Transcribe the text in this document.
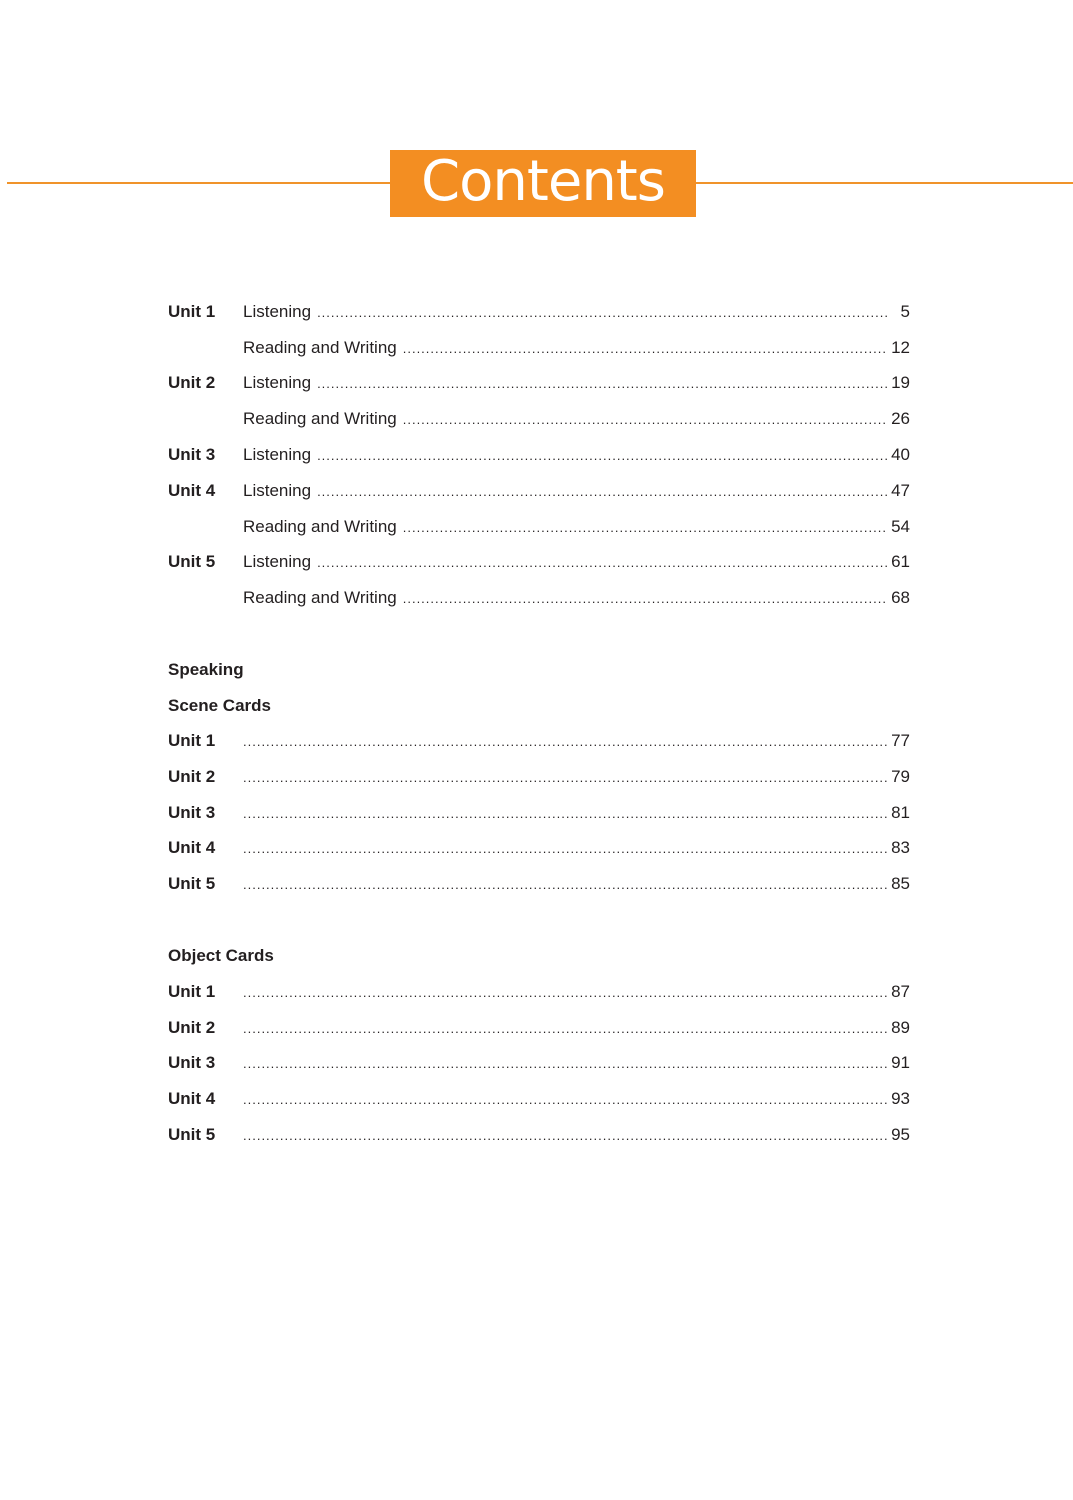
Contents
Unit 1	Listening .....	5
Reading and Writing .....	12
Unit 2	Listening .....	19
Reading and Writing .....	26
Unit 3	Listening .....	40
Unit 4	Listening .....	47
Reading and Writing .....	54
Unit 5	Listening .....	61
Reading and Writing .....	68
Speaking
Scene Cards
Unit 1 .....	77
Unit 2 .....	79
Unit 3 .....	81
Unit 4 .....	83
Unit 5 .....	85
Object Cards
Unit 1 .....	87
Unit 2 .....	89
Unit 3 .....	91
Unit 4 .....	93
Unit 5 .....	95
